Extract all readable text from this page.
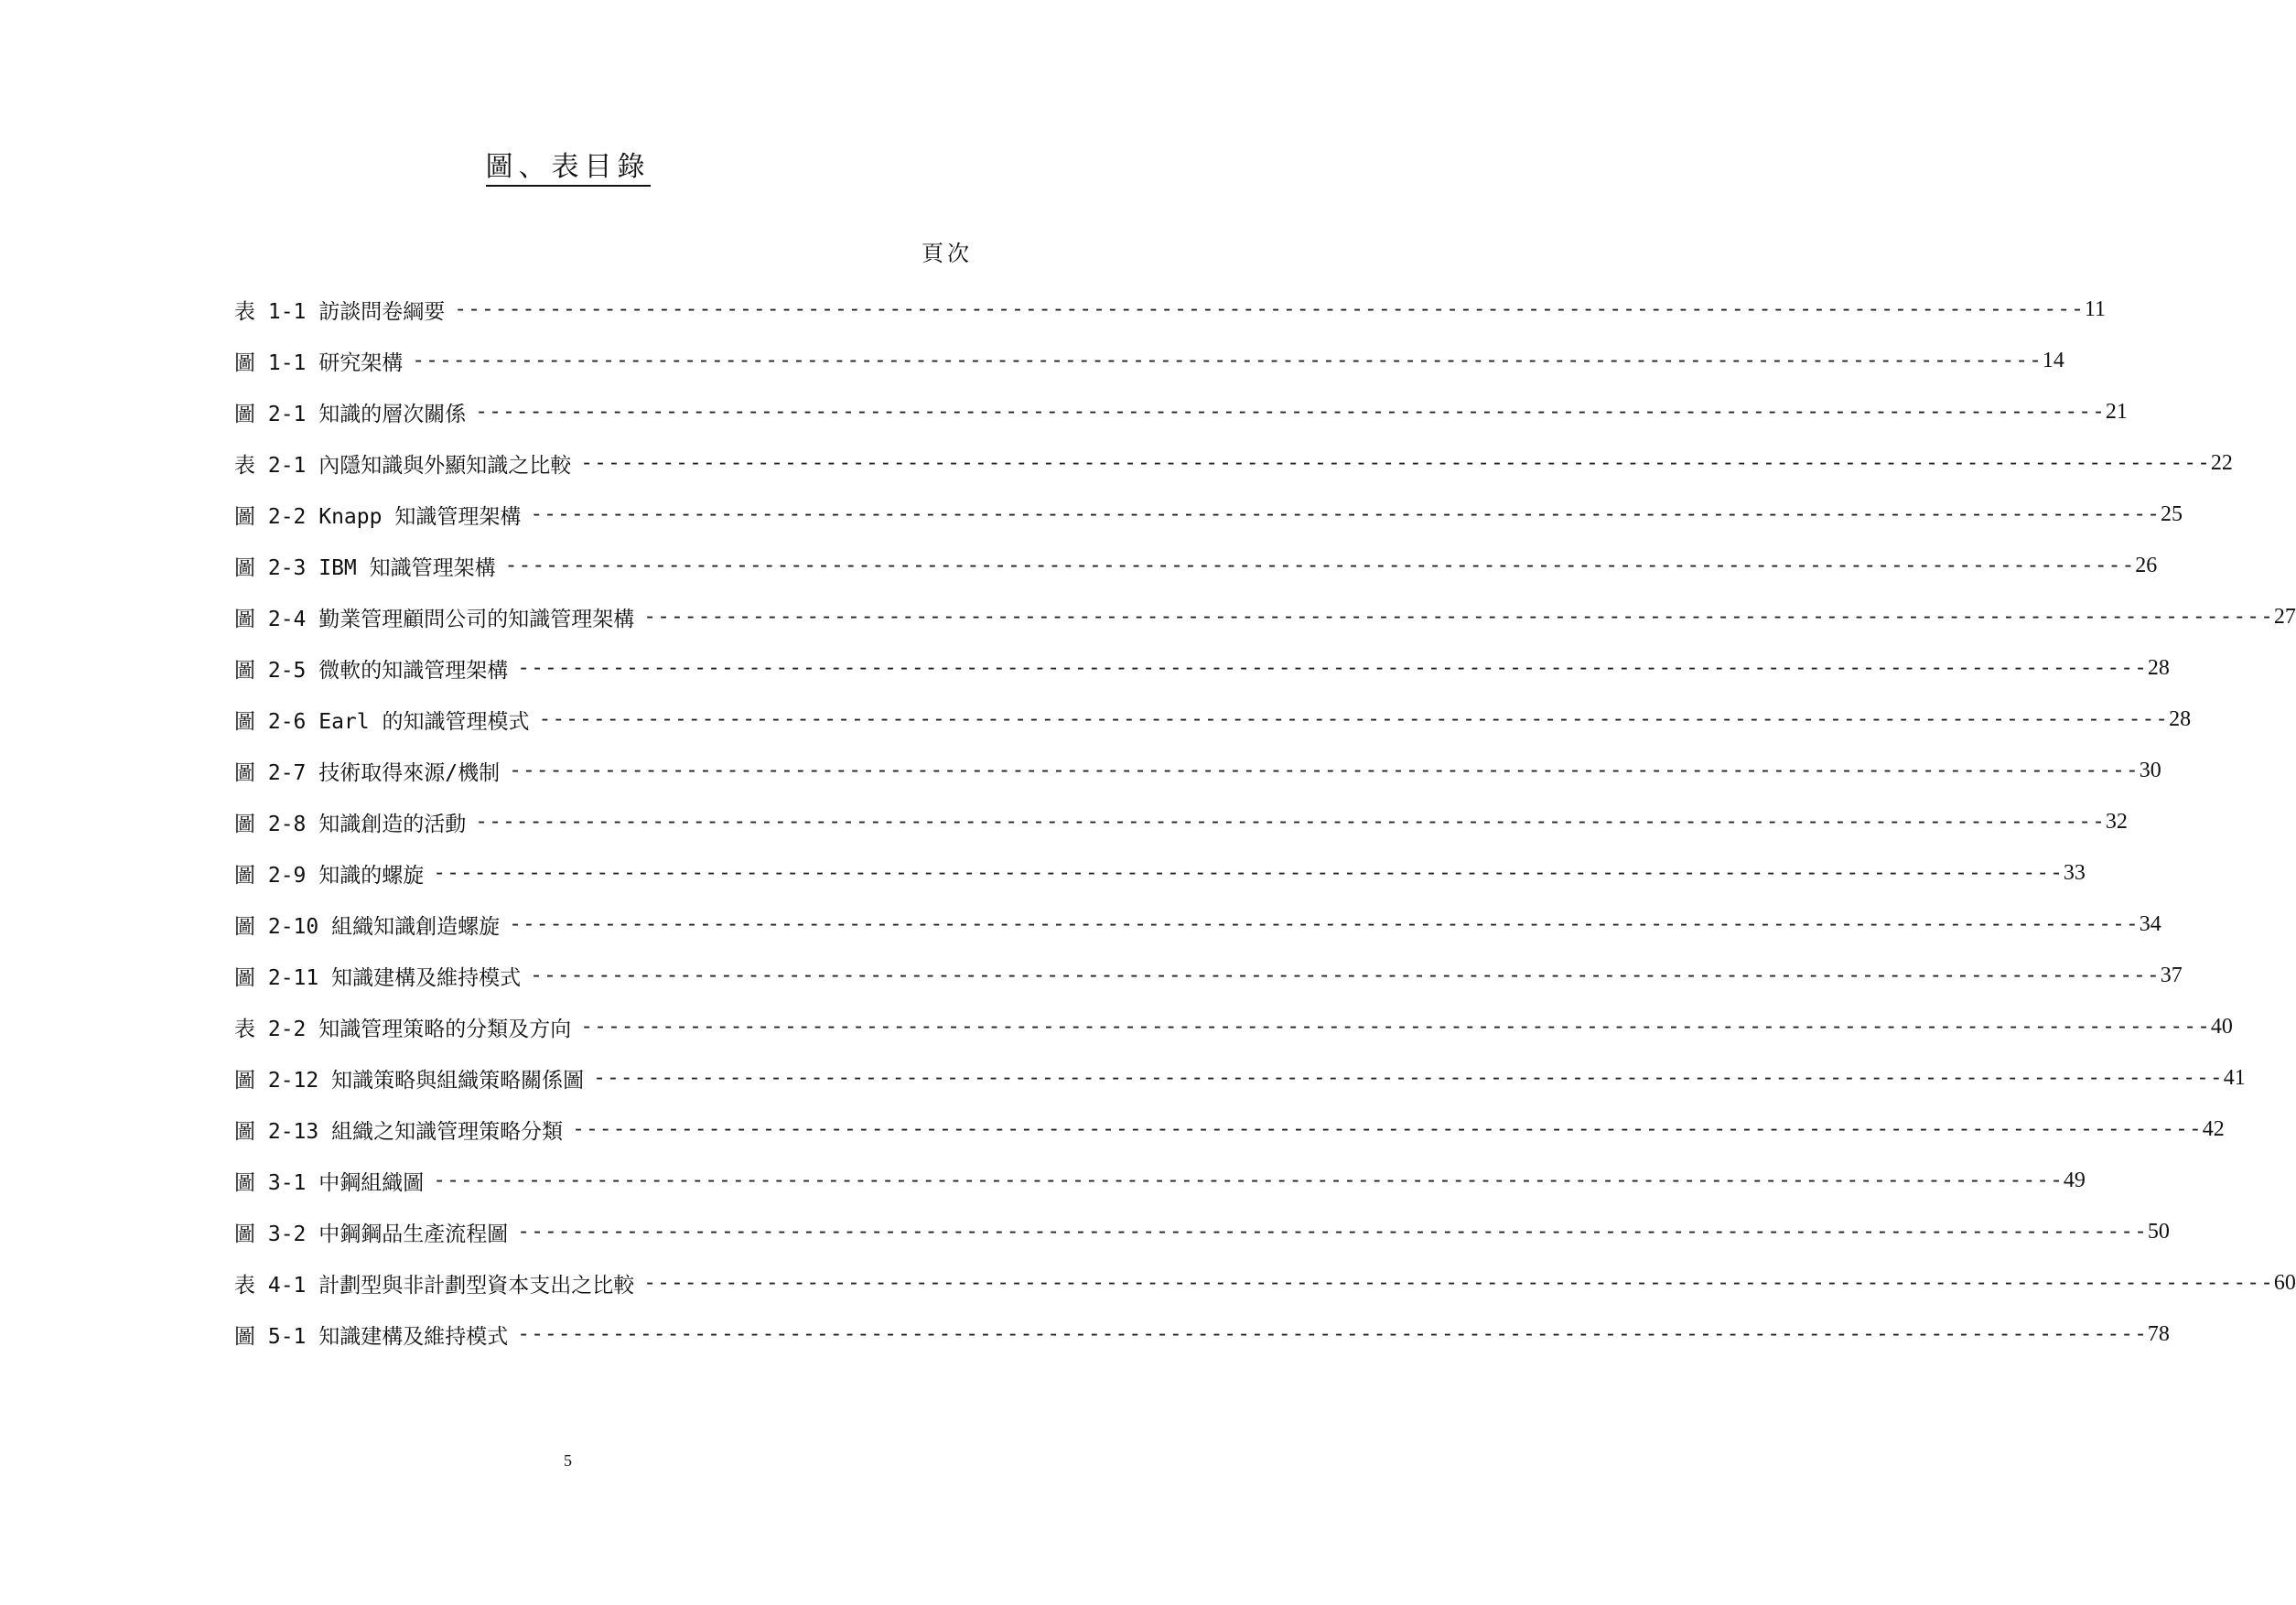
圖、表目錄
頁次
表 1-1 訪談問卷綱要 ------------------------------------------------------------------------------------------------------------------------ 11
圖 1-1 研究架構 ------------------------------------------------------------------------------------------------------------------------ 14
圖 2-1 知識的層次關係 ------------------------------------------------------------------------------------------------------------------------ 21
表 2-1 內隱知識與外顯知識之比較 ------------------------------------------------------------------------------------------------------------------------ 22
圖 2-2 Knapp 知識管理架構 ------------------------------------------------------------------------------------------------------------------------ 25
圖 2-3 IBM 知識管理架構 ------------------------------------------------------------------------------------------------------------------------ 26
圖 2-4 勤業管理顧問公司的知識管理架構 ------------------------------------------------------------------------------------------------------------------------ 27
圖 2-5 微軟的知識管理架構 ------------------------------------------------------------------------------------------------------------------------ 28
圖 2-6 Earl 的知識管理模式 ------------------------------------------------------------------------------------------------------------------------ 28
圖 2-7 技術取得來源/機制 ------------------------------------------------------------------------------------------------------------------------ 30
圖 2-8 知識創造的活動 ------------------------------------------------------------------------------------------------------------------------ 32
圖 2-9 知識的螺旋 ------------------------------------------------------------------------------------------------------------------------ 33
圖 2-10 組織知識創造螺旋 ------------------------------------------------------------------------------------------------------------------------ 34
圖 2-11 知識建構及維持模式 ------------------------------------------------------------------------------------------------------------------------ 37
表 2-2 知識管理策略的分類及方向 ------------------------------------------------------------------------------------------------------------------------ 40
圖 2-12 知識策略與組織策略關係圖 ------------------------------------------------------------------------------------------------------------------------ 41
圖 2-13 組織之知識管理策略分類 ------------------------------------------------------------------------------------------------------------------------ 42
圖 3-1 中鋼組織圖 ------------------------------------------------------------------------------------------------------------------------ 49
圖 3-2 中鋼鋼品生產流程圖 ------------------------------------------------------------------------------------------------------------------------ 50
表 4-1 計劃型與非計劃型資本支出之比較 ------------------------------------------------------------------------------------------------------------------------ 60
圖 5-1 知識建構及維持模式 ------------------------------------------------------------------------------------------------------------------------ 78
5
